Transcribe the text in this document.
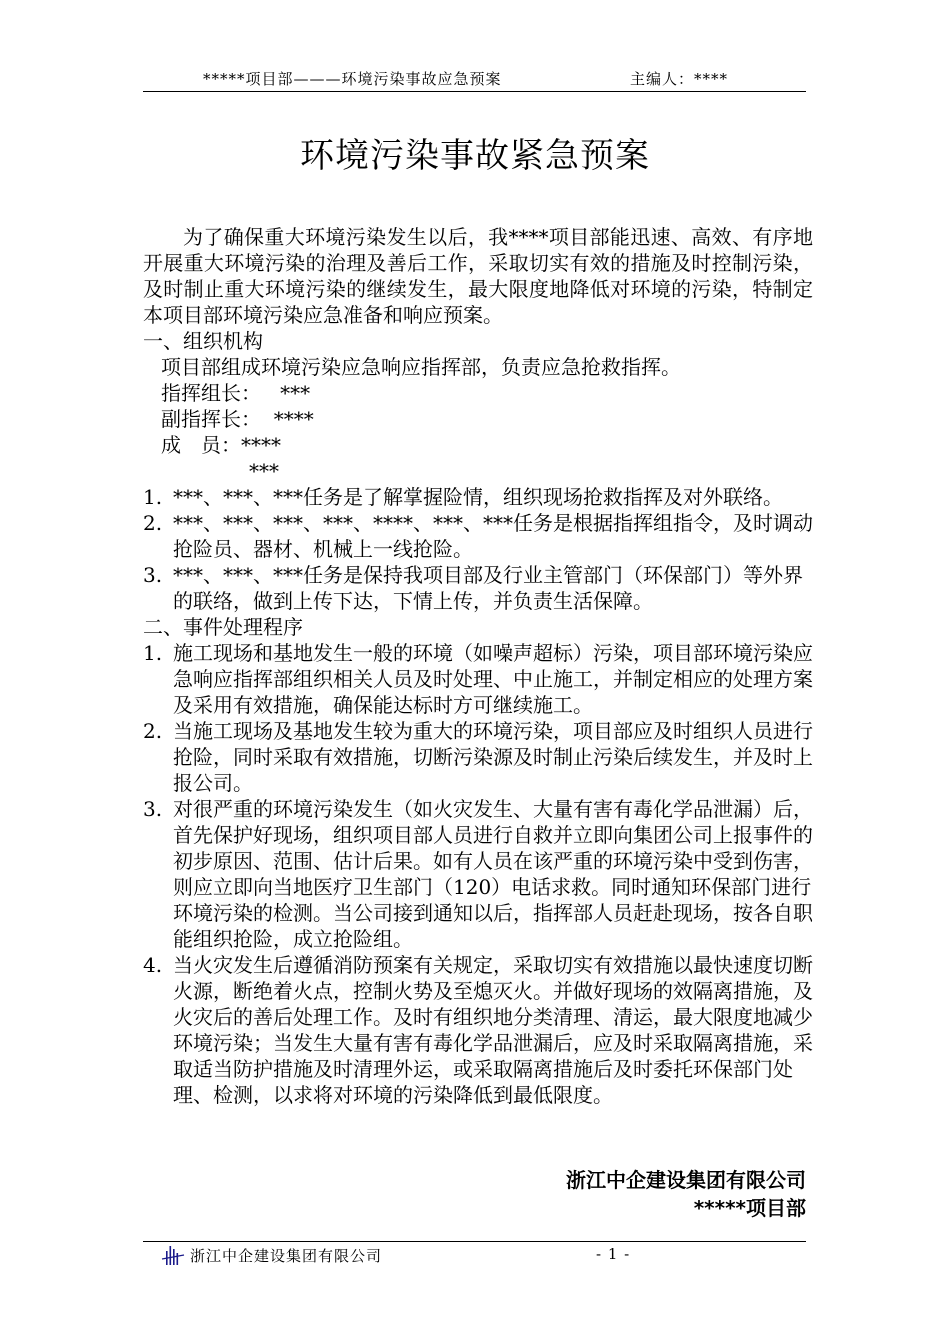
*****项目部———环境污染事故应急预案	主编人：****
环境污染事故紧急预案

为了确保重大环境污染发生以后，我****项目部能迅速、高效、有序地开展重大环境污染的治理及善后工作，采取切实有效的措施及时控制污染，及时制止重大环境污染的继续发生，最大限度地降低对环境的污染，特制定本项目部环境污染应急准备和响应预案。

一、组织机构

项目部组成环境污染应急响应指挥部，负责应急抢救指挥。

指挥组长： ***

副指挥长： ****

成　员：****

***

1. ***、***、***任务是了解掌握险情，组织现场抢救指挥及对外联络。
2. ***、***、***、***、****、***、***任务是根据指挥组指令，及时调动抢险员、器材、机械上一线抢险。
3. ***、***、***任务是保持我项目部及行业主管部门（环保部门）等外界的联络，做到上传下达，下情上传，并负责生活保障。

二、事件处理程序

1. 施工现场和基地发生一般的环境（如噪声超标）污染，项目部环境污染应急响应指挥部组织相关人员及时处理、中止施工，并制定相应的处理方案及采用有效措施，确保能达标时方可继续施工。
2. 当施工现场及基地发生较为重大的环境污染，项目部应及时组织人员进行抢险，同时采取有效措施，切断污染源及时制止污染后续发生，并及时上报公司。
3. 对很严重的环境污染发生（如火灾发生、大量有害有毒化学品泄漏）后，首先保护好现场，组织项目部人员进行自救并立即向集团公司上报事件的初步原因、范围、估计后果。如有人员在该严重的环境污染中受到伤害，则应立即向当地医疗卫生部门（120）电话求救。同时通知环保部门进行环境污染的检测。当公司接到通知以后，指挥部人员赶赴现场，按各自职能组织抢险，成立抢险组。
4. 当火灾发生后遵循消防预案有关规定，采取切实有效措施以最快速度切断火源，断绝着火点，控制火势及至熄灭火。并做好现场的效隔离措施，及火灾后的善后处理工作。及时有组织地分类清理、清运，最大限度地减少环境污染；当发生大量有害有毒化学品泄漏后，应及时采取隔离措施，采取适当防护措施及时清理外运，或采取隔离措施后及时委托环保部门处理、检测，以求将对环境的污染降低到最低限度。
浙江中企建设集团有限公司
*****项目部
浙江中企建设集团有限公司	- 1 -
